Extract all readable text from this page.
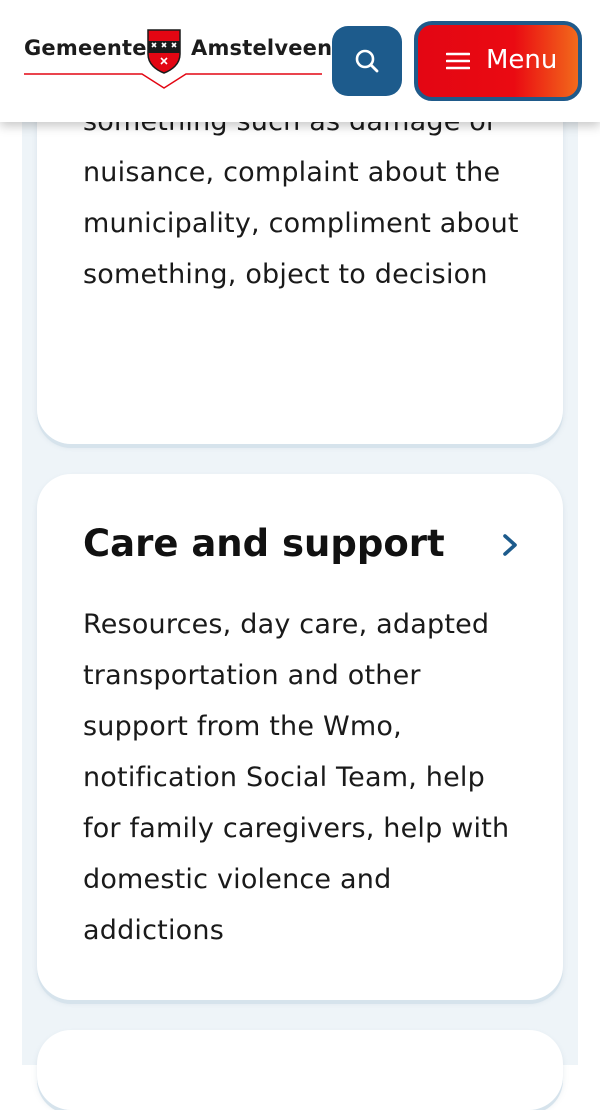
nuisance, complaint about the municipality, compliment about something, object to decision

Care and support

Resources, day care, adapted transportation and other support from the Wmo, notification Social Team, help for family caregivers, help with domestic violence and addictions

Gemeente Amstelveen	Menu
